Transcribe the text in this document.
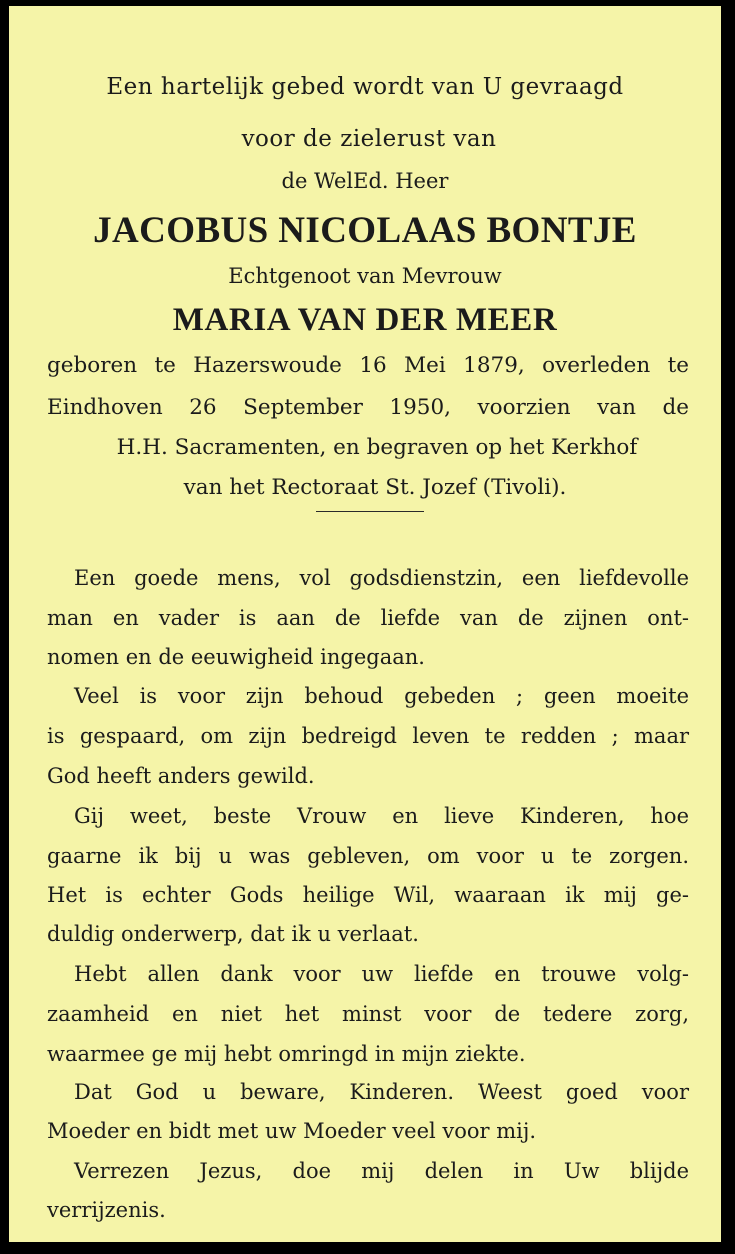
Een hartelijk gebed wordt van U gevraagd

voor de zielerust van

de WelEd. Heer

JACOBUS NICOLAAS BONTJE

Echtgenoot van Mevrouw

MARIA VAN DER MEER

geboren te Hazerswoude 16 Mei 1879, overleden te

Eindhoven 26 September 1950, voorzien van de

H.H. Sacramenten, en begraven op het Kerkhof

van het Rectoraat St. Jozef (Tivoli).

Een goede mens, vol godsdienstzin, een liefdevolle

man en vader is aan de liefde van de zijnen ont-

nomen en de eeuwigheid ingegaan.

Veel is voor zijn behoud gebeden ; geen moeite

is gespaard, om zijn bedreigd leven te redden ; maar

God heeft anders gewild.

Gij weet, beste Vrouw en lieve Kinderen, hoe

gaarne ik bij u was gebleven, om voor u te zorgen.

Het is echter Gods heilige Wil, waaraan ik mij ge-

duldig onderwerp, dat ik u verlaat.

Hebt allen dank voor uw liefde en trouwe volg-

zaamheid en niet het minst voor de tedere zorg,

waarmee ge mij hebt omringd in mijn ziekte.

Dat God u beware, Kinderen. Weest goed voor

Moeder en bidt met uw Moeder veel voor mij.

Verrezen Jezus, doe mij delen in Uw blijde

verrijzenis.
